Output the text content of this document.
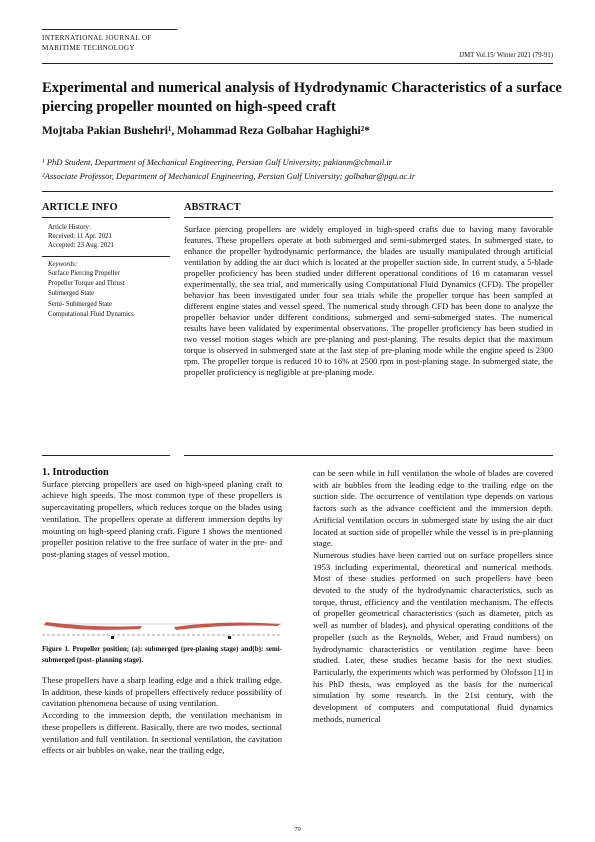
INTERNATIONAL JOURNAL OF
MARITIME TECHNOLOGY
IJMT Vol.15/ Winter 2021 (79-91)
Experimental and numerical analysis of Hydrodynamic Characteristics of a surface piercing propeller mounted on high-speed craft
Mojtaba Pakian Bushehri¹, Mohammad Reza Golbahar Haghighi²*
¹ PhD Student, Department of Mechanical Engineering, Persian Gulf University; pakianm@chmail.ir
²Associate Professor, Department of Mechanical Engineering, Persian Gulf University; golbahar@pgu.ac.ir
ARTICLE INFO
Article History:
Received: 11 Apr. 2021
Accepted: 23 Aug. 2021
Keywords:
Surface Piercing Propeller
Propeller Torque and Thrust
Submerged State
Semi- Submerged State
Computational Fluid Dynamics
ABSTRACT
Surface piercing propellers are widely employed in high-speed crafts due to having many favorable features. These propellers operate at both submerged and semi-submerged states. In submerged state, to enhance the propeller hydrodynamic performance, the blades are usually manipulated through artificial ventilation by adding the air duct which is located at the propeller suction side. In current study, a 5-blade propeller proficiency has been studied under different operational conditions of 16 m catamaran vessel experimentally, the sea trial, and numerically using Computational Fluid Dynamics (CFD). The propeller behavior has been investigated under four sea trials while the propeller torque has been sampled at different engine states and vessel speed. The numerical study through CFD has been done to analyze the propeller behavior under different conditions, submerged and semi-submerged states. The numerical results have been validated by experimental observations. The propeller proficiency has been studied in two vessel motion stages which are pre-planing and post-planing. The results depict that the maximum torque is observed in submerged state at the last step of pre-planing mode while the engine speed is 2300 rpm. The propeller torque is reduced 10 to 16% at 2500 rpm in post-planing stage. In submerged state, the propeller proficiency is negligible at pre-planing mode.
1. Introduction

Surface piercing propellers are used on high-speed planing craft to achieve high speeds. The most common type of these propellers is supercavitating propellers, which reduces torque on the blades using ventilation. The propellers operate at different immersion depths by mounting on high-speed planing craft. Figure 1 shows the mentioned propeller position relative to the free surface of water in the pre- and post-planing stages of vessel motion.

Figure 1. Propeller position; (a): submerged (pre-planing stage) and(b): semi-submerged (post- planning stage).

These propellers have a sharp leading edge and a thick trailing edge. In addition, these kinds of propellers effectively reduce possibility of cavitation phenomena because of using ventilation.

According to the immersion depth, the ventilation mechanism in these propellers is different. Basically, there are two modes, sectional ventilation and full ventilation. In sectional ventilation, the cavitation effects or air bubbles on wake, near the trailing edge,

can be seen while in full ventilation the whole of blades are covered with air bubbles from the leading edge to the trailing edge on the suction side. The occurrence of ventilation type depends on various factors such as the advance coefficient and the immersion depth. Artificial ventilation occurs in submerged state by using the air duct located at suction side of propeller while the vessel is in pre-planning stage.

Numerous studies have been carried out on surface propellers since 1953 including experimental, theoretical and numerical methods. Most of these studies performed on such propellers have been devoted to the study of the hydrodynamic characteristics, such as torque, thrust, efficiency and the ventilation mechanism. The effects of propeller geometrical characteristics (such as diameter, pitch as well as number of blades), and physical operating conditions of the propeller (such as the Reynolds, Weber, and Fraud numbers) on hydrodynamic characteristics or ventilation regime have been studied. Later, these studies became basis for the next studies. Particularly, the experiments which was performed by Olofsson [1] in his PhD thesis, was employed as the basis for the numerical simulation by some research. In the 21st century, with the development of computers and computational fluid dynamics methods, numerical

79
